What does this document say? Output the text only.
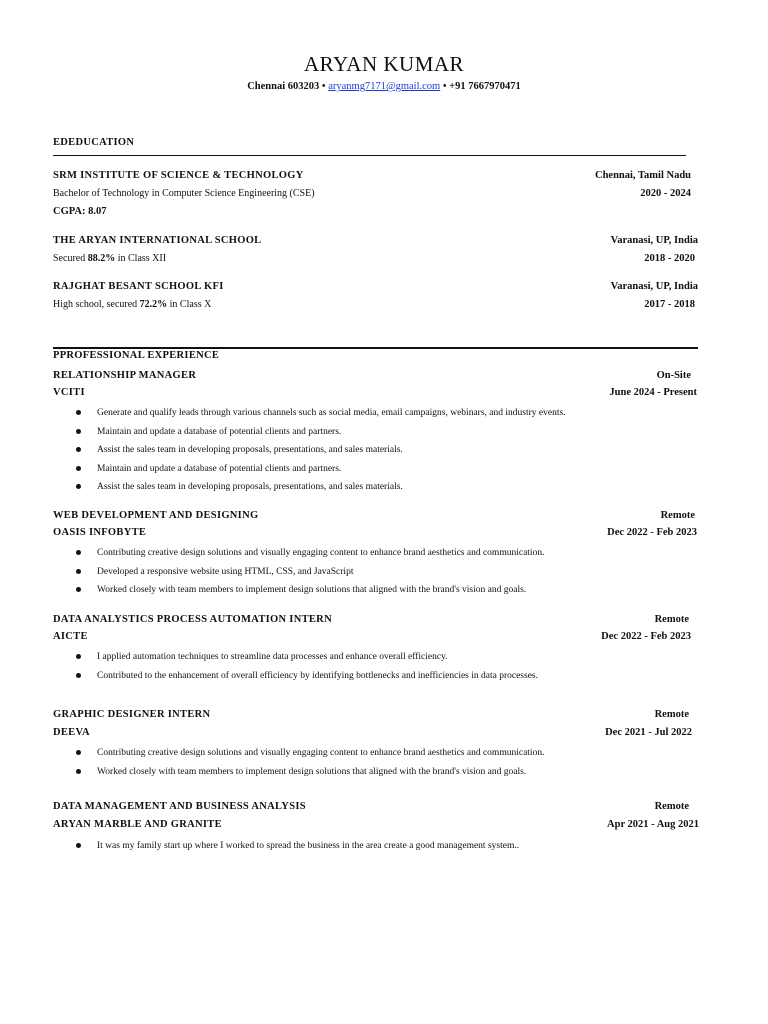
ARYAN KUMAR
Chennai 603203 • aryanmg7171@gmail.com • +91 7667970471
EDEDUCATION
SRM INSTITUTE OF SCIENCE & TECHNOLOGY	Chennai, Tamil Nadu
Bachelor of Technology in Computer Science Engineering (CSE)	2020 - 2024
CGPA: 8.07
THE ARYAN INTERNATIONAL SCHOOL	Varanasi, UP, India
Secured 88.2% in Class XII	2018 - 2020
RAJGHAT BESANT SCHOOL KFI	Varanasi, UP, India
High school, secured 72.2% in Class X	2017 - 2018
PPROFESSIONAL EXPERIENCE
RELATIONSHIP MANAGER	On-Site
VCITI	June 2024 - Present
Generate and qualify leads through various channels such as social media, email campaigns, webinars, and industry events.
Maintain and update a database of potential clients and partners.
Assist the sales team in developing proposals, presentations, and sales materials.
Maintain and update a database of potential clients and partners.
Assist the sales team in developing proposals, presentations, and sales materials.
WEB DEVELOPMENT AND DESIGNING	Remote
OASIS INFOBYTE	Dec 2022 - Feb 2023
Contributing creative design solutions and visually engaging content to enhance brand aesthetics and communication.
Developed a responsive website using HTML, CSS, and JavaScript
Worked closely with team members to implement design solutions that aligned with the brand's vision and goals.
DATA ANALYSTICS PROCESS AUTOMATION INTERN	Remote
AICTE	Dec 2022 - Feb 2023
I applied automation techniques to streamline data processes and enhance overall efficiency.
Contributed to the enhancement of overall efficiency by identifying bottlenecks and inefficiencies in data processes.
GRAPHIC DESIGNER INTERN	Remote
DEEVA	Dec 2021 - Jul 2022
Contributing creative design solutions and visually engaging content to enhance brand aesthetics and communication.
Worked closely with team members to implement design solutions that aligned with the brand's vision and goals.
DATA MANAGEMENT AND BUSINESS ANALYSIS	Remote
ARYAN MARBLE AND GRANITE	Apr 2021 - Aug 2021
It was my family start up where I worked to spread the business in the area create a good management system..
